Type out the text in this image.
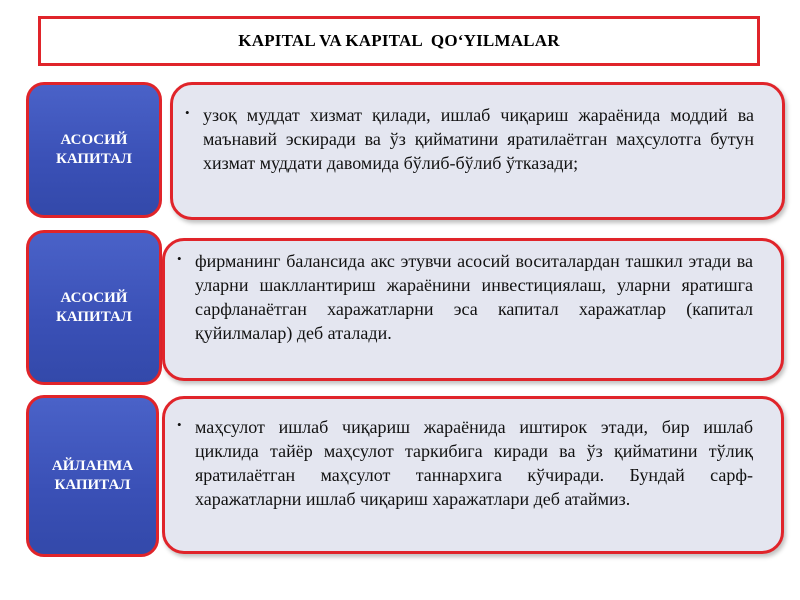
KAPITAL VA KAPITAL  QO‘YILMALAR
АСОСИЙ
КАПИТАЛ
• узоқ муддат хизмат қилади, ишлаб чиқариш жараёнида моддий ва маънавий эскиради ва ўз қийматини яратилаётган маҳсулотга бутун хизмат муддати давомида бўлиб-бўлиб ўтказади;
АСОСИЙ
КАПИТАЛ
• фирманинг балансида акс этувчи асосий воситалардан ташкил этади ва уларни шакллантириш жараёнини инвестициялаш, уларни яратишга сарфланаётган харажатларни эса капитал харажатлар (капитал қуйилмалар) деб аталади.
АЙЛАНМА
КАПИТАЛ
• маҳсулот ишлаб чиқариш жараёнида иштирок этади, бир ишлаб циклида тайёр маҳсулот таркибига киради ва ўз қийматини тўлиқ яратилаётган маҳсулот таннархига кўчиради. Бундай сарф-харажатларни ишлаб чиқариш харажатлари деб атаймиз.
